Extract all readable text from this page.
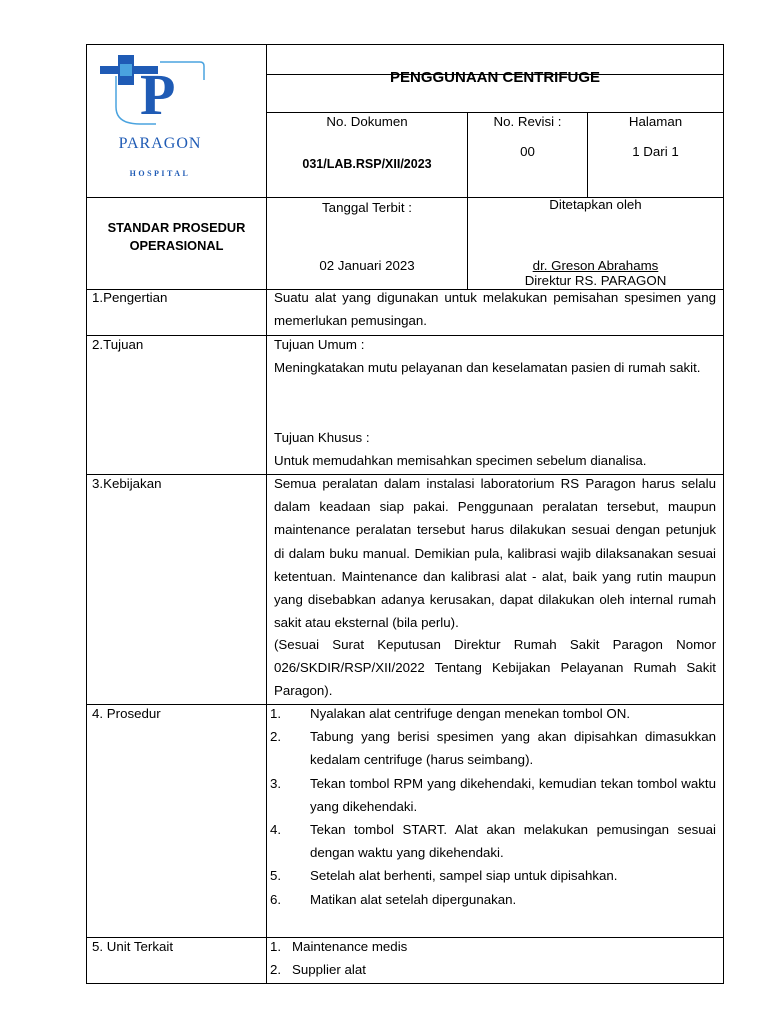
P
PARAGON
HOSPITAL
PENGGUNAAN CENTRIFUGE
No. Dokumen
031/LAB.RSP/XII/2023
No. Revisi :
00
Halaman
1 Dari 1
STANDAR PROSEDUR
OPERASIONAL
Tanggal Terbit :
02 Januari 2023
Ditetapkan oleh
dr. Greson Abrahams
Direktur RS. PARAGON
1.Pengertian	Suatu alat yang digunakan untuk melakukan pemisahan spesimen yang memerlukan pemusingan.
2.Tujuan	Tujuan Umum :
Meningkatakan mutu pelayanan dan keselamatan pasien di rumah sakit.
Tujuan Khusus :
Untuk memudahkan memisahkan specimen sebelum dianalisa.
3.Kebijakan	Semua peralatan dalam instalasi laboratorium RS Paragon harus selalu dalam keadaan siap pakai. Penggunaan peralatan tersebut, maupun maintenance peralatan tersebut harus dilakukan sesuai dengan petunjuk di dalam buku manual. Demikian pula, kalibrasi wajib dilaksanakan sesuai ketentuan. Maintenance dan kalibrasi alat - alat, baik yang rutin maupun yang disebabkan adanya kerusakan, dapat dilakukan oleh internal rumah sakit atau eksternal (bila perlu).
(Sesuai Surat Keputusan Direktur Rumah Sakit Paragon Nomor 026/SKDIR/RSP/XII/2022 Tentang Kebijakan Pelayanan Rumah Sakit Paragon).
4. Prosedur	1.	Nyalakan alat centrifuge dengan menekan tombol ON.
2.	Tabung yang berisi spesimen yang akan dipisahkan dimasukkan kedalam centrifuge (harus seimbang).
3.	Tekan tombol RPM yang dikehendaki, kemudian tekan tombol waktu yang dikehendaki.
4.	Tekan tombol START. Alat akan melakukan pemusingan sesuai dengan waktu yang dikehendaki.
5.	Setelah alat berhenti, sampel siap untuk dipisahkan.
6.	Matikan alat setelah dipergunakan.
5. Unit Terkait	1. Maintenance medis
2. Supplier alat
